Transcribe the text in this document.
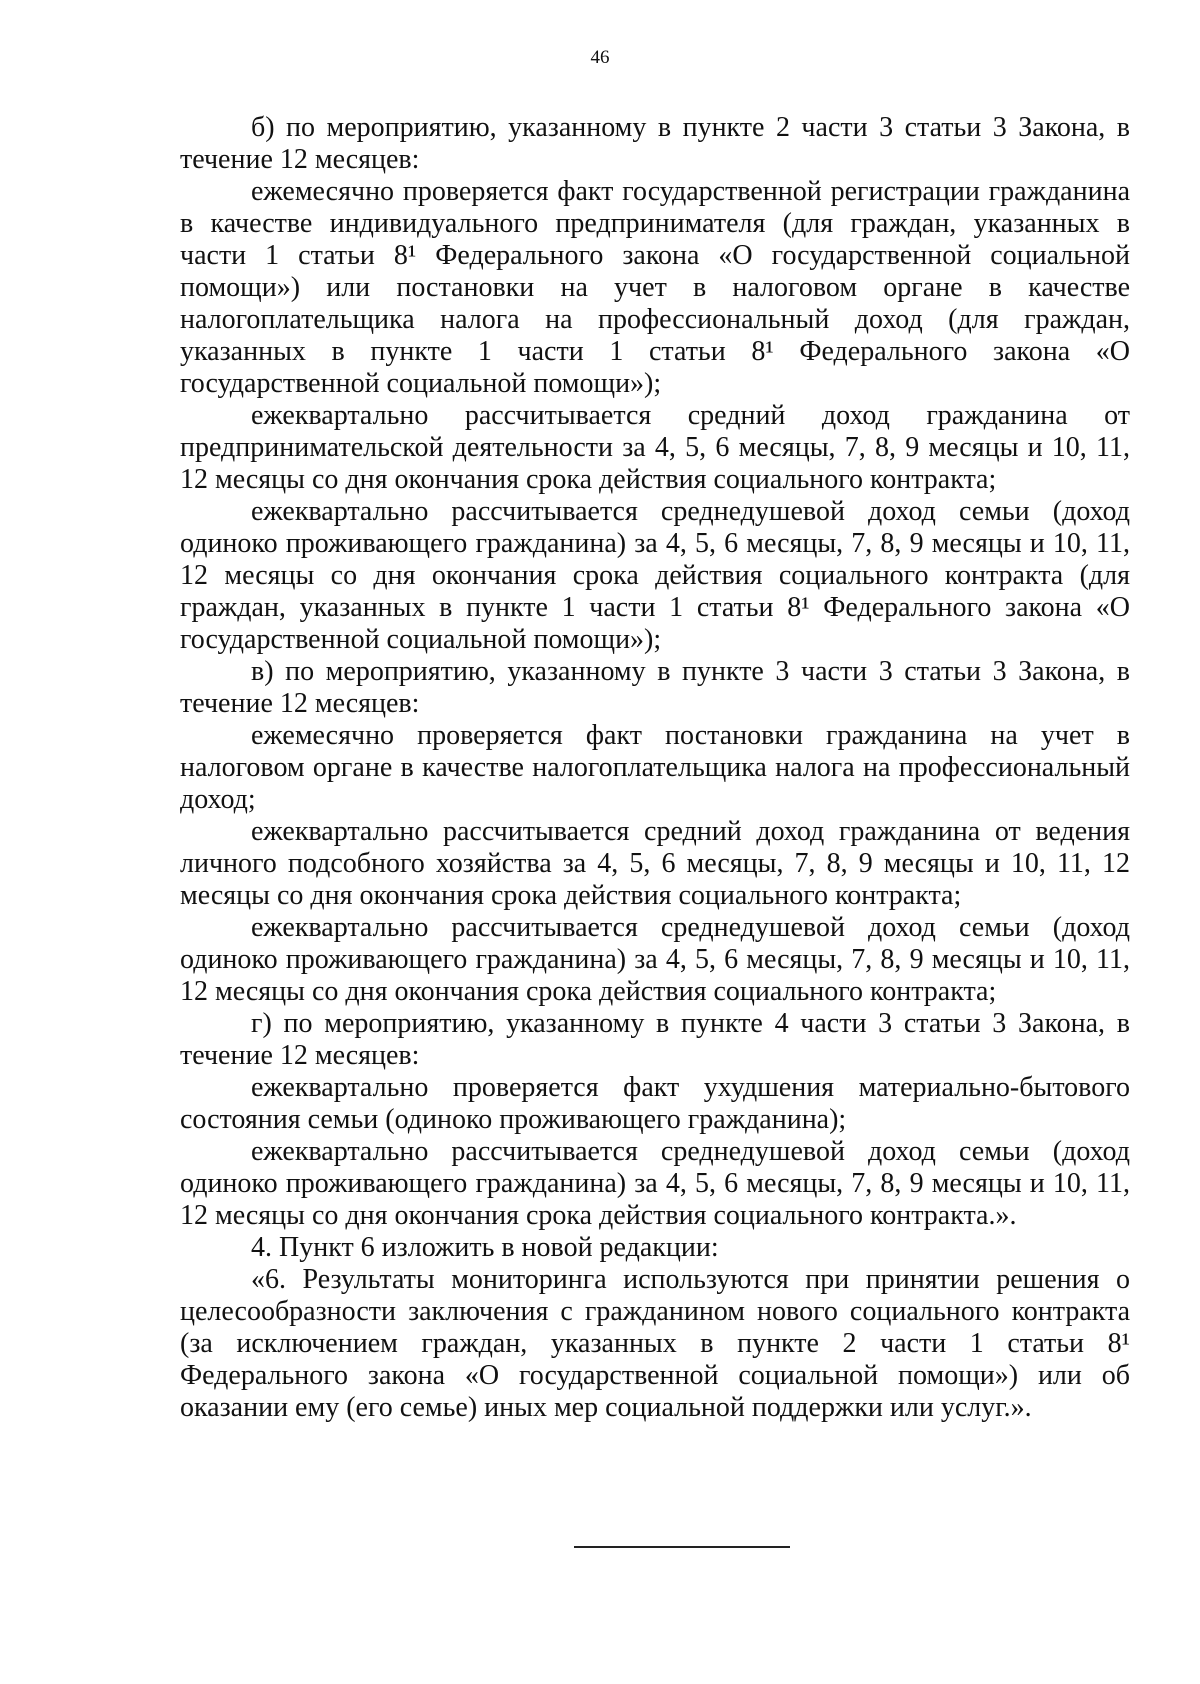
46

б) по мероприятию, указанному в пункте 2 части 3 статьи 3 Закона, в течение 12 месяцев:

ежемесячно проверяется факт государственной регистрации гражданина в качестве индивидуального предпринимателя (для граждан, указанных в части 1 статьи 8¹ Федерального закона «О государственной социальной помощи») или постановки на учет в налоговом органе в качестве налогоплательщика налога на профессиональный доход (для граждан, указанных в пункте 1 части 1 статьи 8¹ Федерального закона «О государственной социальной помощи»);

ежеквартально рассчитывается средний доход гражданина от предпринимательской деятельности за 4, 5, 6 месяцы, 7, 8, 9 месяцы и 10, 11, 12 месяцы со дня окончания срока действия социального контракта;

ежеквартально рассчитывается среднедушевой доход семьи (доход одиноко проживающего гражданина) за 4, 5, 6 месяцы, 7, 8, 9 месяцы и 10, 11, 12 месяцы со дня окончания срока действия социального контракта (для граждан, указанных в пункте 1 части 1 статьи 8¹ Федерального закона «О государственной социальной помощи»);

в) по мероприятию, указанному в пункте 3 части 3 статьи 3 Закона, в течение 12 месяцев:

ежемесячно проверяется факт постановки гражданина на учет в налоговом органе в качестве налогоплательщика налога на профессиональный доход;

ежеквартально рассчитывается средний доход гражданина от ведения личного подсобного хозяйства за 4, 5, 6 месяцы, 7, 8, 9 месяцы и 10, 11, 12 месяцы со дня окончания срока действия социального контракта;

ежеквартально рассчитывается среднедушевой доход семьи (доход одиноко проживающего гражданина) за 4, 5, 6 месяцы, 7, 8, 9 месяцы и 10, 11, 12 месяцы со дня окончания срока действия социального контракта;

г) по мероприятию, указанному в пункте 4 части 3 статьи 3 Закона, в течение 12 месяцев:

ежеквартально проверяется факт ухудшения материально-бытового состояния семьи (одиноко проживающего гражданина);

ежеквартально рассчитывается среднедушевой доход семьи (доход одиноко проживающего гражданина) за 4, 5, 6 месяцы, 7, 8, 9 месяцы и 10, 11, 12 месяцы со дня окончания срока действия социального контракта.».

4. Пункт 6 изложить в новой редакции:

«6. Результаты мониторинга используются при принятии решения о целесообразности заключения с гражданином нового социального контракта (за исключением граждан, указанных в пункте 2 части 1 статьи 8¹ Федерального закона «О государственной социальной помощи») или об оказании ему (его семье) иных мер социальной поддержки или услуг.».
